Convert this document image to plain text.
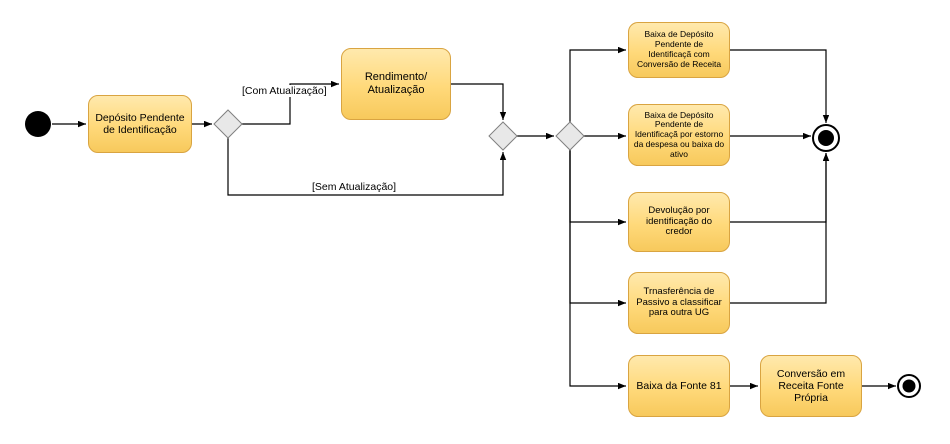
Depósito Pendente de Identificação
Rendimento/ Atualização
Baixa de Depósito Pendente de Identificaçã com Conversão de Receita
Baixa de Depósito Pendente de Identificaçã por estorno da despesa ou baixa do ativo
Devolução por identificação do credor
Trnasferência de Passivo a classificar para outra UG
Baixa da Fonte 81
Conversão em Receita Fonte Própria
[Com Atualização]
[Sem Atualização]
